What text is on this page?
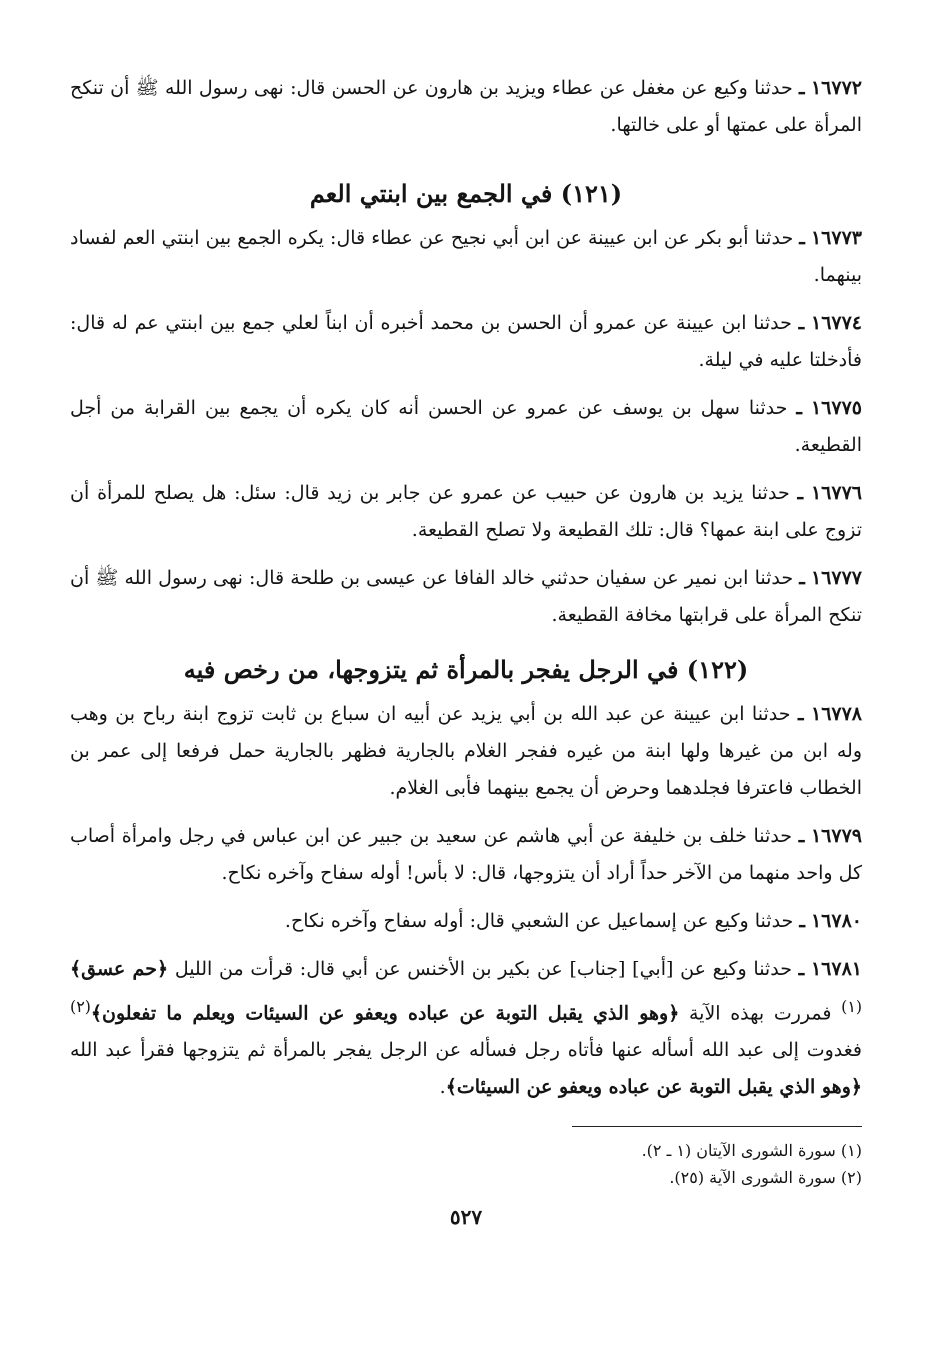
١٦٧٧٢ ـ حدثنا وكيع عن مغفل عن عطاء ويزيد بن هارون عن الحسن قال: نهى رسول الله ﷺ أن تنكح المرأة على عمتها أو على خالتها.

(١٢١) في الجمع بين ابنتي العم

١٦٧٧٣ ـ حدثنا أبو بكر عن ابن عيينة عن ابن أبي نجيح عن عطاء قال: يكره الجمع بين ابنتي العم لفساد بينهما.

١٦٧٧٤ ـ حدثنا ابن عيينة عن عمرو أن الحسن بن محمد أخبره أن ابناً لعلي جمع بين ابنتي عم له قال: فأدخلتا عليه في ليلة.

١٦٧٧٥ ـ حدثنا سهل بن يوسف عن عمرو عن الحسن أنه كان يكره أن يجمع بين القرابة من أجل القطيعة.

١٦٧٧٦ ـ حدثنا يزيد بن هارون عن حبيب عن عمرو عن جابر بن زيد قال: سئل: هل يصلح للمرأة أن تزوج على ابنة عمها؟ قال: تلك القطيعة ولا تصلح القطيعة.

١٦٧٧٧ ـ حدثنا ابن نمير عن سفيان حدثني خالد الفافا عن عيسى بن طلحة قال: نهى رسول الله ﷺ أن تنكح المرأة على قرابتها مخافة القطيعة.

(١٢٢) في الرجل يفجر بالمرأة ثم يتزوجها، من رخص فيه

١٦٧٧٨ ـ حدثنا ابن عيينة عن عبد الله بن أبي يزيد عن أبيه ان سباع بن ثابت تزوج ابنة رباح بن وهب وله ابن من غيرها ولها ابنة من غيره ففجر الغلام بالجارية فظهر بالجارية حمل فرفعا إلى عمر بن الخطاب فاعترفا فجلدهما وحرض أن يجمع بينهما فأبى الغلام.

١٦٧٧٩ ـ حدثنا خلف بن خليفة عن أبي هاشم عن سعيد بن جبير عن ابن عباس في رجل وامرأة أصاب كل واحد منهما من الآخر حداً أراد أن يتزوجها، قال: لا بأس! أوله سفاح وآخره نكاح.

١٦٧٨٠ ـ حدثنا وكيع عن إسماعيل عن الشعبي قال: أوله سفاح وآخره نكاح.

١٦٧٨١ ـ حدثنا وكيع عن [أبي] [جناب] عن بكير بن الأخنس عن أبي قال: قرأت من الليل ﴿حم عسق﴾$^{(١)}$ فمررت بهذه الآية ﴿وهو الذي يقبل التوبة عن عباده ويعفو عن السيئات ويعلم ما تفعلون﴾$^{(٢)}$ فغدوت إلى عبد الله أسأله عنها فأتاه رجل فسأله عن الرجل يفجر بالمرأة ثم يتزوجها فقرأ عبد الله ﴿وهو الذي يقبل التوبة عن عباده ويعفو عن السيئات﴾.

(١) سورة الشورى الآيتان (١ ـ ٢).

(٢) سورة الشورى الآية (٢٥).

٥٢٧
